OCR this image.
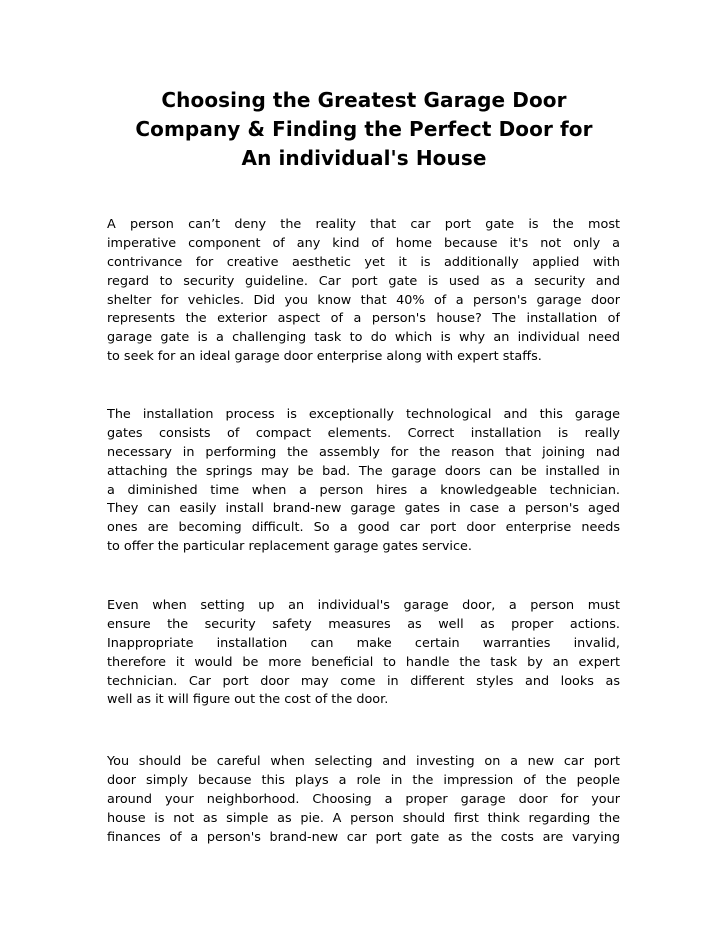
Choosing the Greatest Garage Door
Company & Finding the Perfect Door for
An individual's House

A person can’t deny the reality that car port gate is the most
imperative component of any kind of home because it's not only a
contrivance for creative aesthetic yet it is additionally applied with
regard to security guideline. Car port gate is used as a security and
shelter for vehicles. Did you know that 40% of a person's garage door
represents the exterior aspect of a person's house? The installation of
garage gate is a challenging task to do which is why an individual need
to seek for an ideal garage door enterprise along with expert staffs.

The installation process is exceptionally technological and this garage
gates consists of compact elements. Correct installation is really
necessary in performing the assembly for the reason that joining nad
attaching the springs may be bad. The garage doors can be installed in
a diminished time when a person hires a knowledgeable technician.
They can easily install brand-new garage gates in case a person's aged
ones are becoming difficult. So a good car port door enterprise needs
to offer the particular replacement garage gates service.

Even when setting up an individual's garage door, a person must
ensure the security safety measures as well as proper actions.
Inappropriate installation can make certain warranties invalid,
therefore it would be more beneficial to handle the task by an expert
technician. Car port door may come in different styles and looks as
well as it will figure out the cost of the door.

You should be careful when selecting and investing on a new car port
door simply because this plays a role in the impression of the people
around your neighborhood. Choosing a proper garage door for your
house is not as simple as pie. A person should first think regarding the
finances of a person's brand-new car port gate as the costs are varying
